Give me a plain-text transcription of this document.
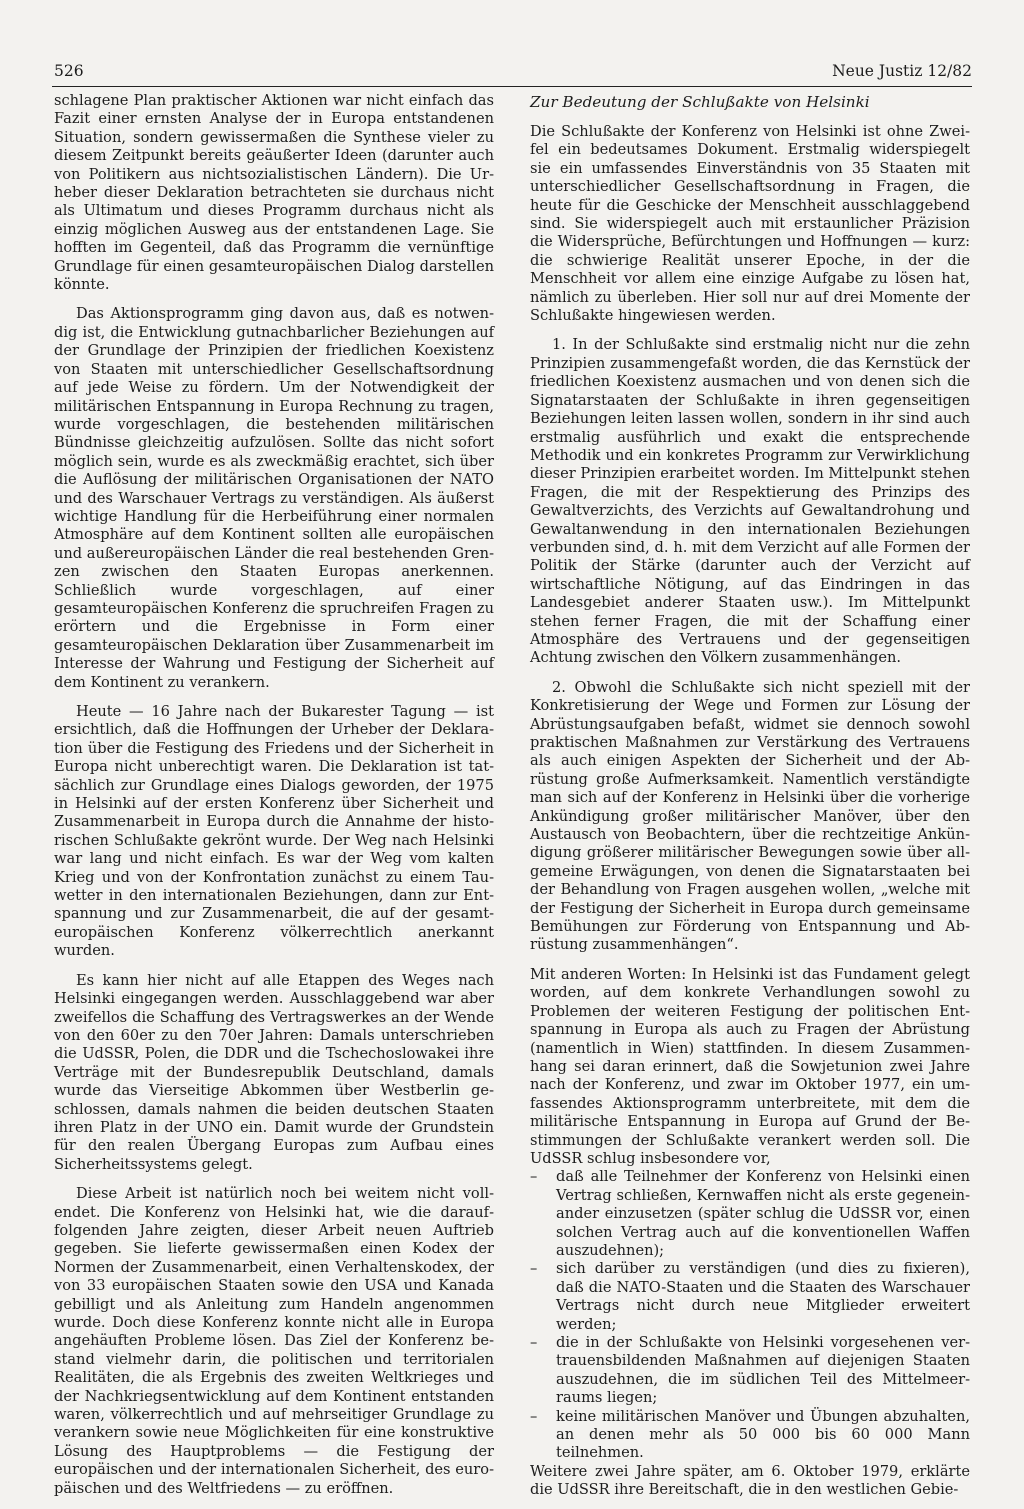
526	Neue Justiz 12/82

schlagene Plan praktischer Aktionen war nicht einfach das Fazit einer ernsten Analyse der in Europa entstandenen Situation, sondern gewissermaßen die Synthese vieler zu diesem Zeitpunkt bereits geäußerter Ideen (darunter auch von Politikern aus nichtsozialistischen Ländern). Die Urheber dieser Deklaration betrachteten sie durchaus nicht als Ultimatum und dieses Programm durchaus nicht als einzig möglichen Ausweg aus der entstandenen Lage. Sie hofften im Gegenteil, daß das Programm die vernünftige Grundlage für einen gesamteuropäischen Dialog darstellen könnte.

Das Aktionsprogramm ging davon aus, daß es notwendig ist, die Entwicklung gutnachbarlicher Beziehungen auf der Grundlage der Prinzipien der friedlichen Koexistenz von Staaten mit unterschiedlicher Gesellschaftsordnung auf jede Weise zu fördern. Um der Notwendigkeit der militärischen Entspannung in Europa Rechnung zu tragen, wurde vorgeschlagen, die bestehenden militärischen Bündnisse gleichzeitig aufzulösen. Sollte das nicht sofort möglich sein, wurde es als zweckmäßig erachtet, sich über die Auflösung der militärischen Organisationen der NATO und des Warschauer Vertrags zu verständigen. Als äußerst wichtige Handlung für die Herbeiführung einer normalen Atmosphäre auf dem Kontinent sollten alle europäischen und außereuropäischen Länder die real bestehenden Grenzen zwischen den Staaten Europas anerkennen. Schließlich wurde vorgeschlagen, auf einer gesamteuropäischen Konferenz die spruchreifen Fragen zu erörtern und die Ergebnisse in Form einer gesamteuropäischen Deklaration über Zusammenarbeit im Interesse der Wahrung und Festigung der Sicherheit auf dem Kontinent zu verankern.

Heute — 16 Jahre nach der Bukarester Tagung — ist ersichtlich, daß die Hoffnungen der Urheber der Deklaration über die Festigung des Friedens und der Sicherheit in Europa nicht unberechtigt waren. Die Deklaration ist tatsächlich zur Grundlage eines Dialogs geworden, der 1975 in Helsinki auf der ersten Konferenz über Sicherheit und Zusammenarbeit in Europa durch die Annahme der historischen Schlußakte gekrönt wurde. Der Weg nach Helsinki war lang und nicht einfach. Es war der Weg vom kalten Krieg und von der Konfrontation zunächst zu einem Tauwetter in den internationalen Beziehungen, dann zur Entspannung und zur Zusammenarbeit, die auf der gesamteuropäischen Konferenz völkerrechtlich anerkannt wurden.

Es kann hier nicht auf alle Etappen des Weges nach Helsinki eingegangen werden. Ausschlaggebend war aber zweifellos die Schaffung des Vertragswerkes an der Wende von den 60er zu den 70er Jahren: Damals unterschrieben die UdSSR, Polen, die DDR und die Tschechoslowakei ihre Verträge mit der Bundesrepublik Deutschland, damals wurde das Vierseitige Abkommen über Westberlin geschlossen, damals nahmen die beiden deutschen Staaten ihren Platz in der UNO ein. Damit wurde der Grundstein für den realen Übergang Europas zum Aufbau eines Sicherheitssystems gelegt.

Diese Arbeit ist natürlich noch bei weitem nicht vollendet. Die Konferenz von Helsinki hat, wie die darauffolgenden Jahre zeigten, dieser Arbeit neuen Auftrieb gegeben. Sie lieferte gewissermaßen einen Kodex der Normen der Zusammenarbeit, einen Verhaltenskodex, der von 33 europäischen Staaten sowie den USA und Kanada gebilligt und als Anleitung zum Handeln angenommen wurde. Doch diese Konferenz konnte nicht alle in Europa angehäuften Probleme lösen. Das Ziel der Konferenz bestand vielmehr darin, die politischen und territorialen Realitäten, die als Ergebnis des zweiten Weltkrieges und der Nachkriegsentwicklung auf dem Kontinent entstanden waren, völkerrechtlich und auf mehrseitiger Grundlage zu verankern sowie neue Möglichkeiten für eine konstruktive Lösung des Hauptproblems — die Festigung der europäischen und der internationalen Sicherheit, des europäischen und des Weltfriedens — zu eröffnen.

Zur Bedeutung der Schlußakte von Helsinki

Die Schlußakte der Konferenz von Helsinki ist ohne Zweifel ein bedeutsames Dokument. Erstmalig widerspiegelt sie ein umfassendes Einverständnis von 35 Staaten mit unterschiedlicher Gesellschaftsordnung in Fragen, die heute für die Geschicke der Menschheit ausschlaggebend sind. Sie widerspiegelt auch mit erstaunlicher Präzision die Widersprüche, Befürchtungen und Hoffnungen — kurz: die schwierige Realität unserer Epoche, in der die Menschheit vor allem eine einzige Aufgabe zu lösen hat, nämlich zu überleben. Hier soll nur auf drei Momente der Schlußakte hingewiesen werden.

1. In der Schlußakte sind erstmalig nicht nur die zehn Prinzipien zusammengefaßt worden, die das Kernstück der friedlichen Koexistenz ausmachen und von denen sich die Signatarstaaten der Schlußakte in ihren gegenseitigen Beziehungen leiten lassen wollen, sondern in ihr sind auch erstmalig ausführlich und exakt die entsprechende Methodik und ein konkretes Programm zur Verwirklichung dieser Prinzipien erarbeitet worden. Im Mittelpunkt stehen Fragen, die mit der Respektierung des Prinzips des Gewaltverzichts, des Verzichts auf Gewaltandrohung und Gewaltanwendung in den internationalen Beziehungen verbunden sind, d. h. mit dem Verzicht auf alle Formen der Politik der Stärke (darunter auch der Verzicht auf wirtschaftliche Nötigung, auf das Eindringen in das Landesgebiet anderer Staaten usw.). Im Mittelpunkt stehen ferner Fragen, die mit der Schaffung einer Atmosphäre des Vertrauens und der gegenseitigen Achtung zwischen den Völkern zusammenhängen.

2. Obwohl die Schlußakte sich nicht speziell mit der Konkretisierung der Wege und Formen zur Lösung der Abrüstungsaufgaben befaßt, widmet sie dennoch sowohl praktischen Maßnahmen zur Verstärkung des Vertrauens als auch einigen Aspekten der Sicherheit und der Abrüstung große Aufmerksamkeit. Namentlich verständigte man sich auf der Konferenz in Helsinki über die vorherige Ankündigung großer militärischer Manöver, über den Austausch von Beobachtern, über die rechtzeitige Ankündigung größerer militärischer Bewegungen sowie über allgemeine Erwägungen, von denen die Signatarstaaten bei der Behandlung von Fragen ausgehen wollen, „welche mit der Festigung der Sicherheit in Europa durch gemeinsame Bemühungen zur Förderung von Entspannung und Abrüstung zusammenhängen“.

Mit anderen Worten: In Helsinki ist das Fundament gelegt worden, auf dem konkrete Verhandlungen sowohl zu Problemen der weiteren Festigung der politischen Entspannung in Europa als auch zu Fragen der Abrüstung (namentlich in Wien) stattfinden. In diesem Zusammenhang sei daran erinnert, daß die Sowjetunion zwei Jahre nach der Konferenz, und zwar im Oktober 1977, ein umfassendes Aktionsprogramm unterbreitete, mit dem die militärische Entspannung in Europa auf Grund der Bestimmungen der Schlußakte verankert werden soll. Die UdSSR schlug insbesondere vor,

– daß alle Teilnehmer der Konferenz von Helsinki einen Vertrag schließen, Kernwaffen nicht als erste gegeneinander einzusetzen (später schlug die UdSSR vor, einen solchen Vertrag auch auf die konventionellen Waffen auszudehnen);
– sich darüber zu verständigen (und dies zu fixieren), daß die NATO-Staaten und die Staaten des Warschauer Vertrags nicht durch neue Mitglieder erweitert werden;
– die in der Schlußakte von Helsinki vorgesehenen vertrauensbildenden Maßnahmen auf diejenigen Staaten auszudehnen, die im südlichen Teil des Mittelmeerraums liegen;
– keine militärischen Manöver und Übungen abzuhalten, an denen mehr als 50 000 bis 60 000 Mann teilnehmen.

Weitere zwei Jahre später, am 6. Oktober 1979, erklärte die UdSSR ihre Bereitschaft, die in den westlichen Gebie-
